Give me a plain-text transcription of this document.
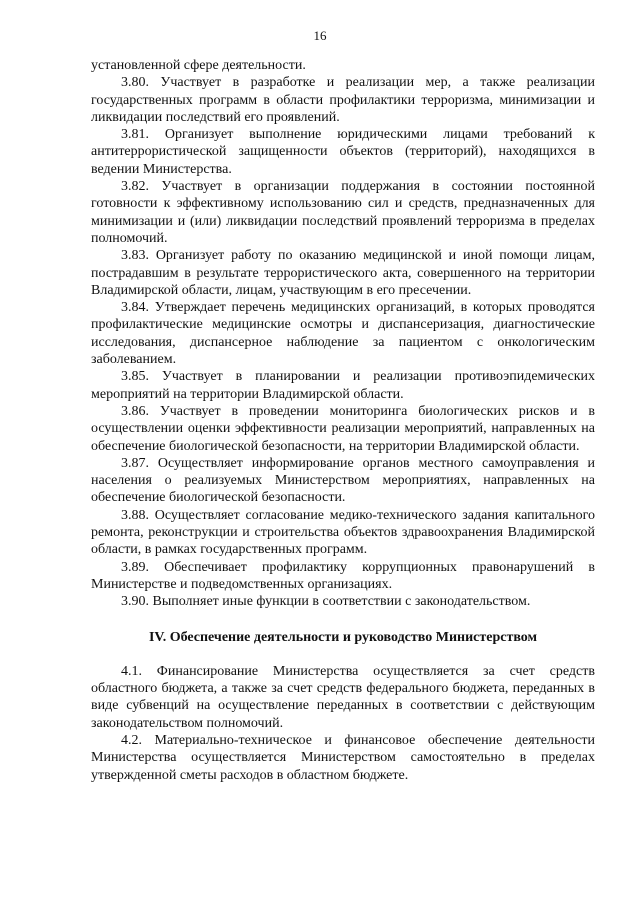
16

установленной сфере деятельности.

3.80. Участвует в разработке и реализации мер, а также реализации государственных программ в области профилактики терроризма, минимизации и ликвидации последствий его проявлений.

3.81. Организует выполнение юридическими лицами требований к антитеррористической защищенности объектов (территорий), находящихся в ведении Министерства.

3.82. Участвует в организации поддержания в состоянии постоянной готовности к эффективному использованию сил и средств, предназначенных для минимизации и (или) ликвидации последствий проявлений терроризма в пределах полномочий.

3.83. Организует работу по оказанию медицинской и иной помощи лицам, пострадавшим в результате террористического акта, совершенного на территории Владимирской области, лицам, участвующим в его пресечении.

3.84. Утверждает перечень медицинских организаций, в которых проводятся профилактические медицинские осмотры и диспансеризация, диагностические исследования, диспансерное наблюдение за пациентом с онкологическим заболеванием.

3.85. Участвует в планировании и реализации противоэпидемических мероприятий на территории Владимирской области.

3.86. Участвует в проведении мониторинга биологических рисков и в осуществлении оценки эффективности реализации мероприятий, направленных на обеспечение биологической безопасности, на территории Владимирской области.

3.87. Осуществляет информирование органов местного самоуправления и населения о реализуемых Министерством мероприятиях, направленных на обеспечение биологической безопасности.

3.88. Осуществляет согласование медико-технического задания капитального ремонта, реконструкции и строительства объектов здравоохранения Владимирской области, в рамках государственных программ.

3.89. Обеспечивает профилактику коррупционных правонарушений в Министерстве и подведомственных организациях.

3.90. Выполняет иные функции в соответствии с законодательством.

IV. Обеспечение деятельности и руководство Министерством

4.1. Финансирование Министерства осуществляется за счет средств областного бюджета, а также за счет средств федерального бюджета, переданных в виде субвенций на осуществление переданных в соответствии с действующим законодательством полномочий.

4.2. Материально-техническое и финансовое обеспечение деятельности Министерства осуществляется Министерством самостоятельно в пределах утвержденной сметы расходов в областном бюджете.
